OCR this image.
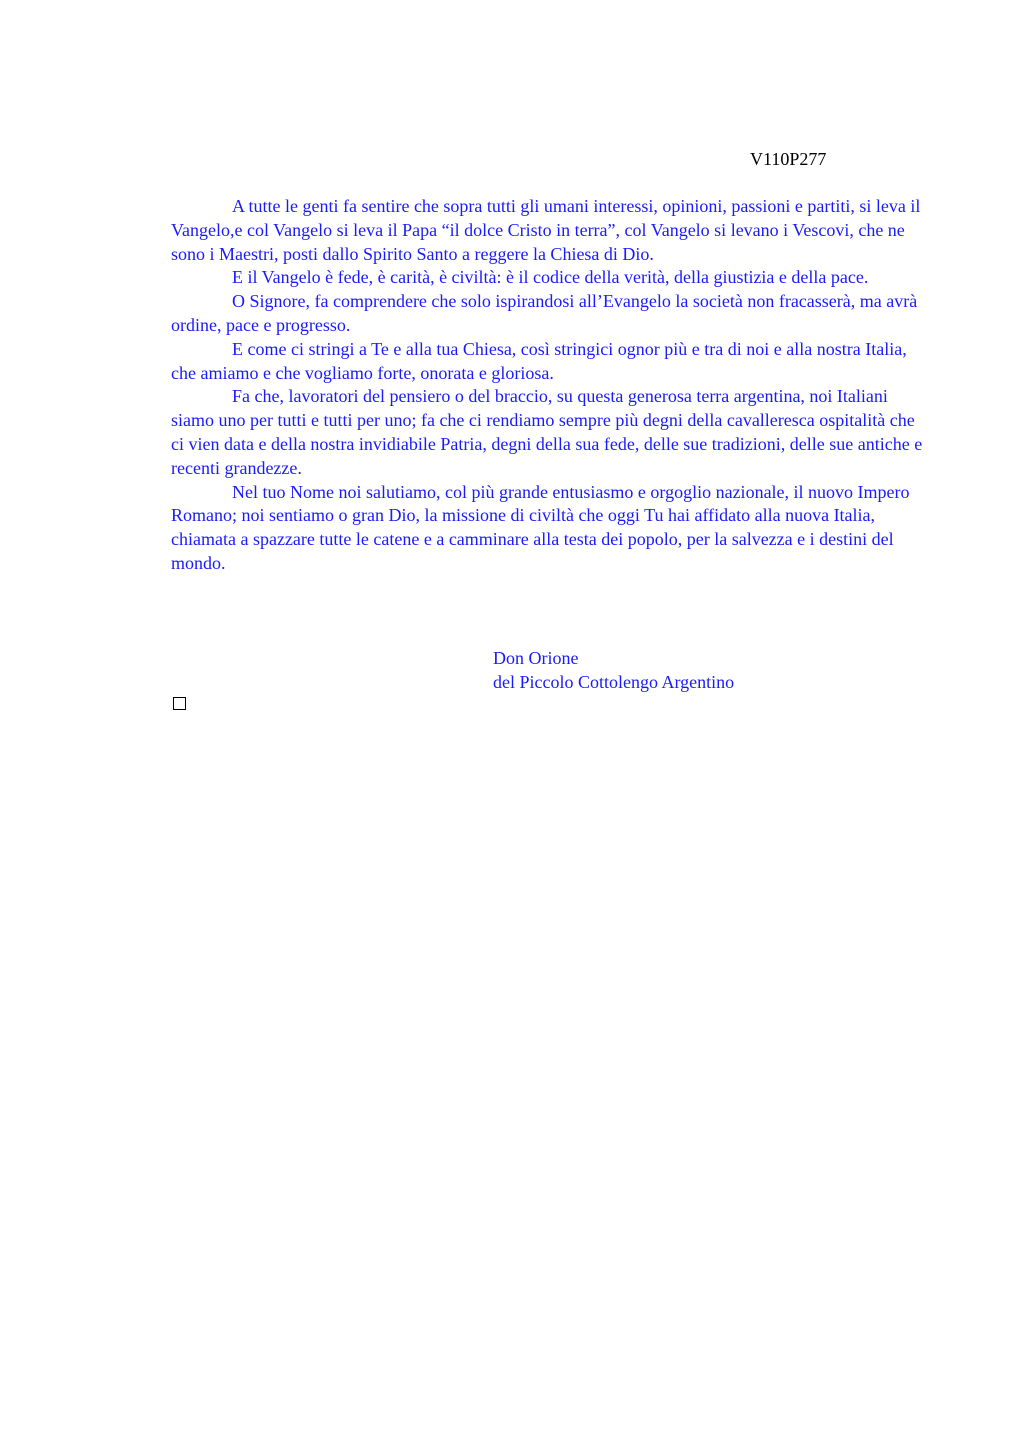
V110P277

A tutte le genti fa sentire che sopra tutti gli umani interessi, opinioni, passioni e partiti, si leva il Vangelo,e col Vangelo si leva il Papa “il dolce Cristo in terra”, col Vangelo si levano i Vescovi, che ne sono i Maestri, posti dallo Spirito Santo a reggere la Chiesa di Dio.

E il Vangelo è fede, è carità, è civiltà: è il codice della verità, della giustizia e della pace.

O Signore, fa comprendere che solo ispirandosi all’Evangelo la società non fracasserà, ma avrà ordine, pace e progresso.

E come ci stringi a Te e alla tua Chiesa, così stringici ognor più e tra di noi e alla nostra Italia, che amiamo e che vogliamo forte, onorata e gloriosa.

Fa che, lavoratori del pensiero o del braccio, su questa generosa terra argentina, noi Italiani siamo uno per tutti e tutti per uno; fa che ci rendiamo sempre più degni della cavalleresca ospitalità che ci vien data e della nostra invidiabile Patria, degni della sua fede, delle sue tradizioni, delle sue antiche e recenti grandezze.

Nel tuo Nome noi salutiamo, col più grande entusiasmo e orgoglio nazionale, il nuovo Impero Romano; noi sentiamo o gran Dio, la missione di civiltà che oggi Tu hai affidato alla nuova Italia, chiamata a spazzare tutte le catene e a camminare alla testa dei popolo, per la salvezza e i destini del mondo.

Don Orione
del Piccolo Cottolengo Argentino
